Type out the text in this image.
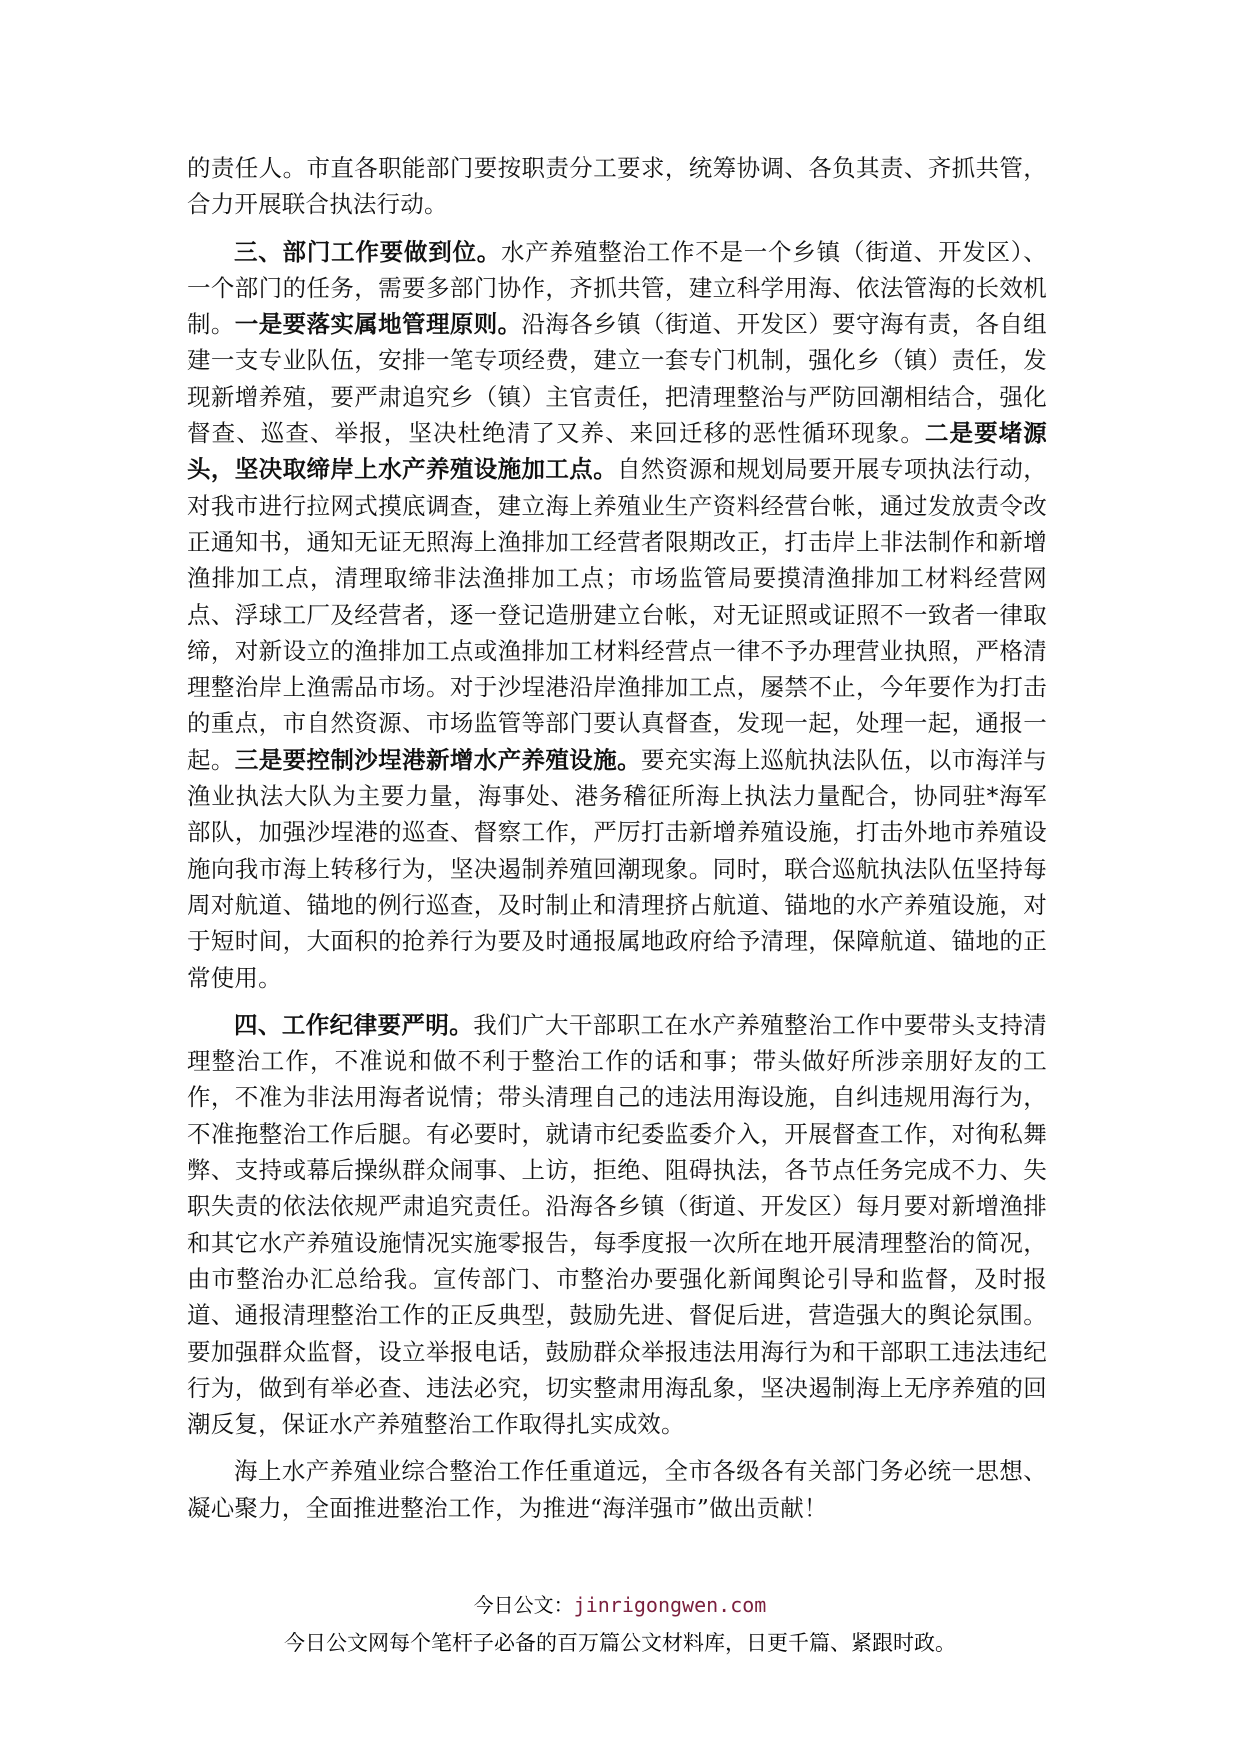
的责任人。市直各职能部门要按职责分工要求，统筹协调、各负其责、齐抓共管，合力开展联合执法行动。

三、部门工作要做到位。水产养殖整治工作不是一个乡镇（街道、开发区）、一个部门的任务，需要多部门协作，齐抓共管，建立科学用海、依法管海的长效机制。一是要落实属地管理原则。沿海各乡镇（街道、开发区）要守海有责，各自组建一支专业队伍，安排一笔专项经费，建立一套专门机制，强化乡（镇）责任，发现新增养殖，要严肃追究乡（镇）主官责任，把清理整治与严防回潮相结合，强化督查、巡查、举报，坚决杜绝清了又养、来回迁移的恶性循环现象。二是要堵源头，坚决取缔岸上水产养殖设施加工点。自然资源和规划局要开展专项执法行动，对我市进行拉网式摸底调查，建立海上养殖业生产资料经营台帐，通过发放责令改正通知书，通知无证无照海上渔排加工经营者限期改正，打击岸上非法制作和新增渔排加工点，清理取缔非法渔排加工点；市场监管局要摸清渔排加工材料经营网点、浮球工厂及经营者，逐一登记造册建立台帐，对无证照或证照不一致者一律取缔，对新设立的渔排加工点或渔排加工材料经营点一律不予办理营业执照，严格清理整治岸上渔需品市场。对于沙埕港沿岸渔排加工点，屡禁不止，今年要作为打击的重点，市自然资源、市场监管等部门要认真督查，发现一起，处理一起，通报一起。三是要控制沙埕港新增水产养殖设施。要充实海上巡航执法队伍，以市海洋与渔业执法大队为主要力量，海事处、港务稽征所海上执法力量配合，协同驻*海军部队，加强沙埕港的巡查、督察工作，严厉打击新增养殖设施，打击外地市养殖设施向我市海上转移行为，坚决遏制养殖回潮现象。同时，联合巡航执法队伍坚持每周对航道、锚地的例行巡查，及时制止和清理挤占航道、锚地的水产养殖设施，对于短时间，大面积的抢养行为要及时通报属地政府给予清理，保障航道、锚地的正常使用。

四、工作纪律要严明。我们广大干部职工在水产养殖整治工作中要带头支持清理整治工作，不准说和做不利于整治工作的话和事；带头做好所涉亲朋好友的工作，不准为非法用海者说情；带头清理自己的违法用海设施，自纠违规用海行为，不准拖整治工作后腿。有必要时，就请市纪委监委介入，开展督查工作，对徇私舞弊、支持或幕后操纵群众闹事、上访，拒绝、阻碍执法，各节点任务完成不力、失职失责的依法依规严肃追究责任。沿海各乡镇（街道、开发区）每月要对新增渔排和其它水产养殖设施情况实施零报告，每季度报一次所在地开展清理整治的简况，由市整治办汇总给我。宣传部门、市整治办要强化新闻舆论引导和监督，及时报道、通报清理整治工作的正反典型，鼓励先进、督促后进，营造强大的舆论氛围。要加强群众监督，设立举报电话，鼓励群众举报违法用海行为和干部职工违法违纪行为，做到有举必查、违法必究，切实整肃用海乱象，坚决遏制海上无序养殖的回潮反复，保证水产养殖整治工作取得扎实成效。

海上水产养殖业综合整治工作任重道远，全市各级各有关部门务必统一思想、凝心聚力，全面推进整治工作，为推进“海洋强市”做出贡献！

今日公文：jinrigongwen.com
今日公文网每个笔杆子必备的百万篇公文材料库，日更千篇、紧跟时政。
